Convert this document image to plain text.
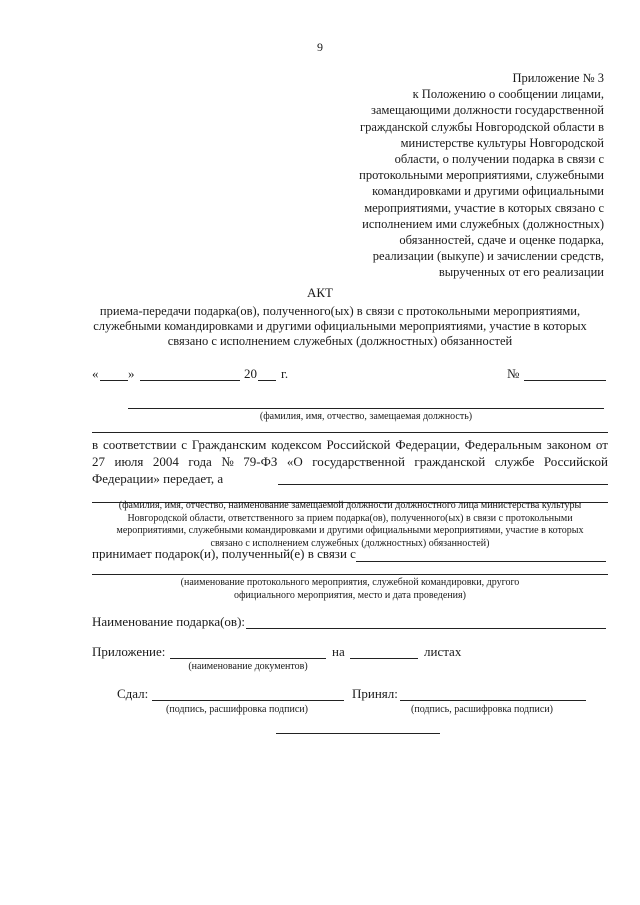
9
Приложение № 3
к Положению о сообщении лицами,
замещающими должности государственной
гражданской службы Новгородской области в
министерстве культуры Новгородской
области, о получении подарка в связи с
протокольными мероприятиями, служебными
командировками и другими официальными
мероприятиями, участие в которых связано с
исполнением ими служебных (должностных)
обязанностей, сдаче и оценке подарка,
реализации (выкупе) и зачислении средств,
вырученных от его реализации
АКТ
приема-передачи подарка(ов), полученного(ых) в связи с протокольными мероприятиями,
служебными командировками и другими официальными мероприятиями, участие в которых
связано с исполнением служебных (должностных) обязанностей
« »	20 г.	№
(фамилия, имя, отчество, замещаемая должность)
в соответствии с Гражданским кодексом Российской Федерации, Федеральным законом от
27 июля 2004 года № 79-ФЗ «О государственной гражданской службе Российской
Федерации» передает, а
(фамилия, имя, отчество, наименование замещаемой должности должностного лица министерства культуры
Новгородской области, ответственного за прием подарка(ов), полученного(ых) в связи с протокольными
мероприятиями, служебными командировками и другими официальными мероприятиями, участие в которых
связано с исполнением служебных (должностных) обязанностей)
принимает подарок(и), полученный(е) в связи с
(наименование протокольного мероприятия, служебной командировки, другого
официального мероприятия, место и дата проведения)
Наименование подарка(ов):
Приложение:	на	листах
(наименование документов)
Сдал:	Принял:
(подпись, расшифровка подписи)	(подпись, расшифровка подписи)
